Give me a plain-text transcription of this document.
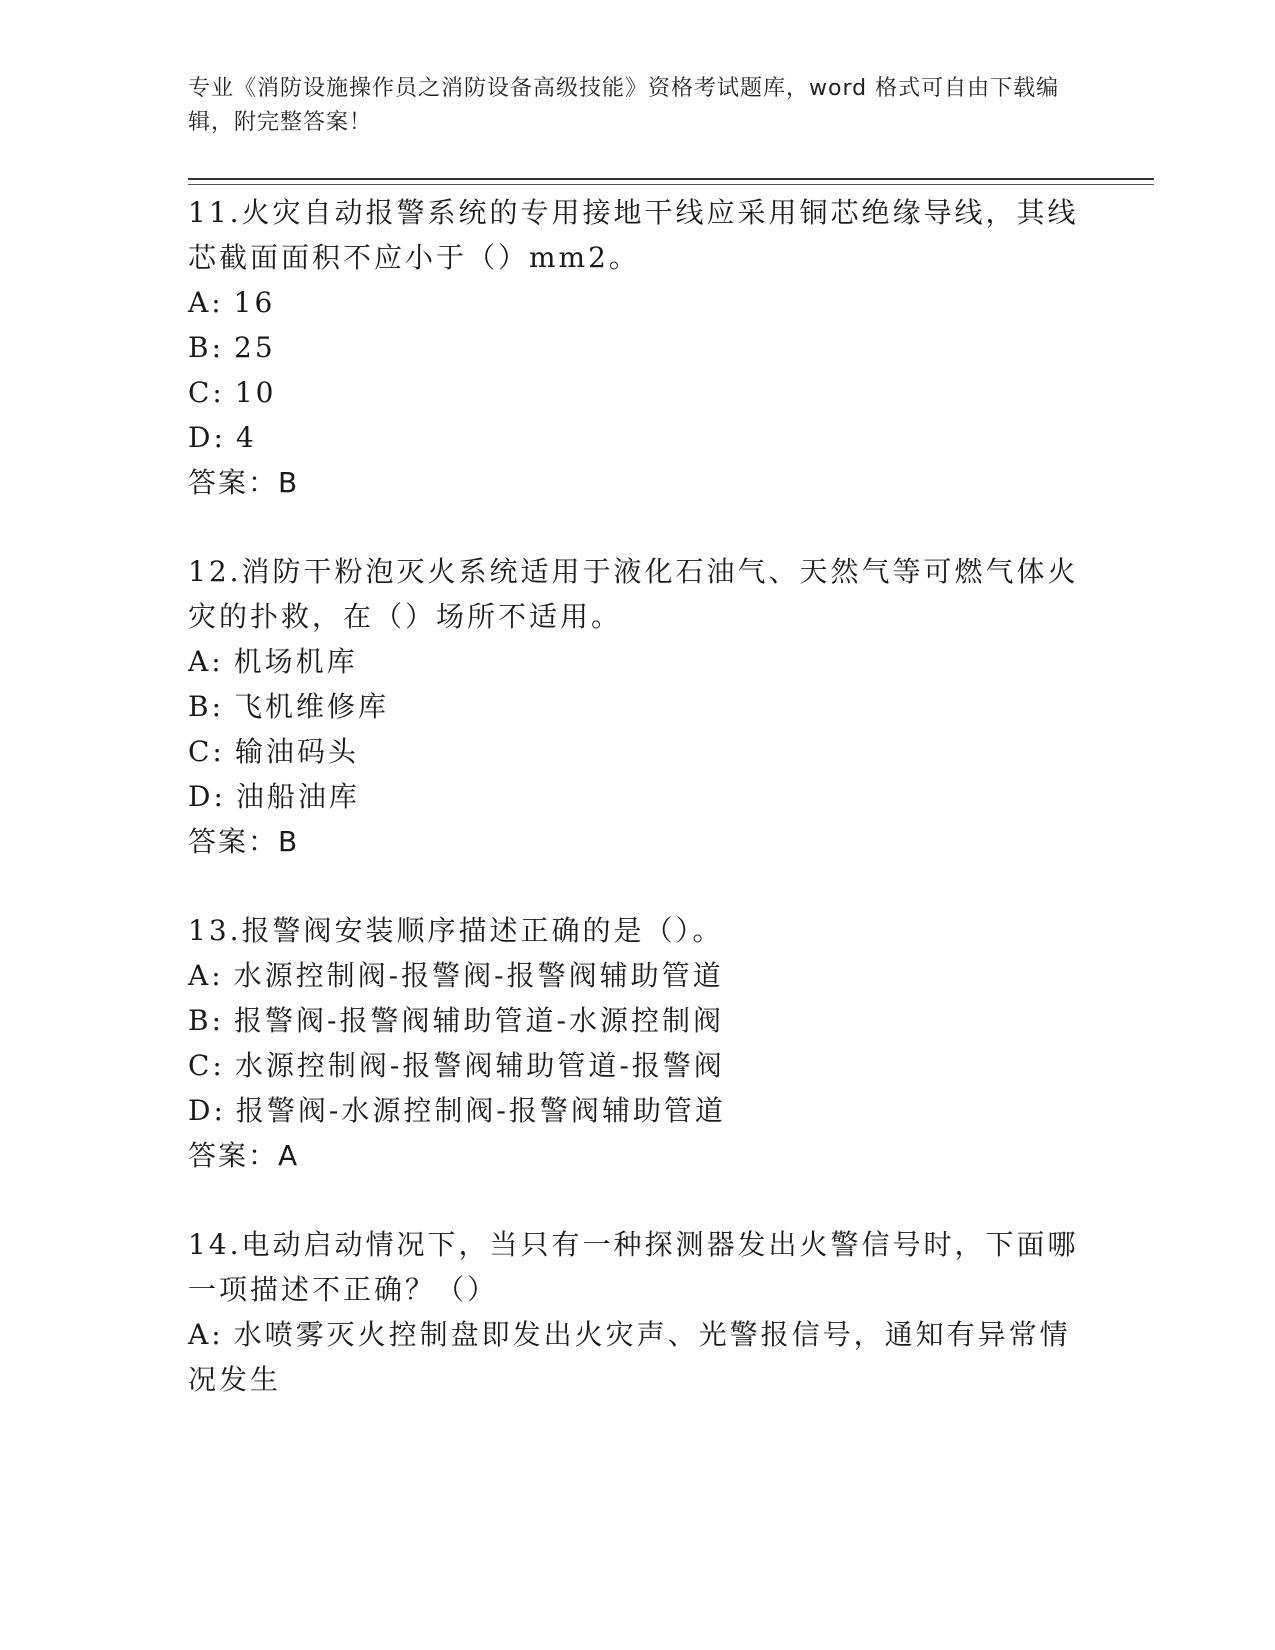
专业《消防设施操作员之消防设备高级技能》资格考试题库，word 格式可自由下载编辑，附完整答案！

11.火灾自动报警系统的专用接地干线应采用铜芯绝缘导线，其线芯截面面积不应小于（）mm2。

A: 16

B: 25

C: 10

D: 4

答案：B

12.消防干粉泡灭火系统适用于液化石油气、天然气等可燃气体火灾的扑救，在（）场所不适用。

A: 机场机库

B: 飞机维修库

C: 输油码头

D: 油船油库

答案：B

13.报警阀安装顺序描述正确的是（）。

A: 水源控制阀-报警阀-报警阀辅助管道

B: 报警阀-报警阀辅助管道-水源控制阀

C: 水源控制阀-报警阀辅助管道-报警阀

D: 报警阀-水源控制阀-报警阀辅助管道

答案：A

14.电动启动情况下，当只有一种探测器发出火警信号时，下面哪一项描述不正确？（）

A: 水喷雾灭火控制盘即发出火灾声、光警报信号，通知有异常情况发生
